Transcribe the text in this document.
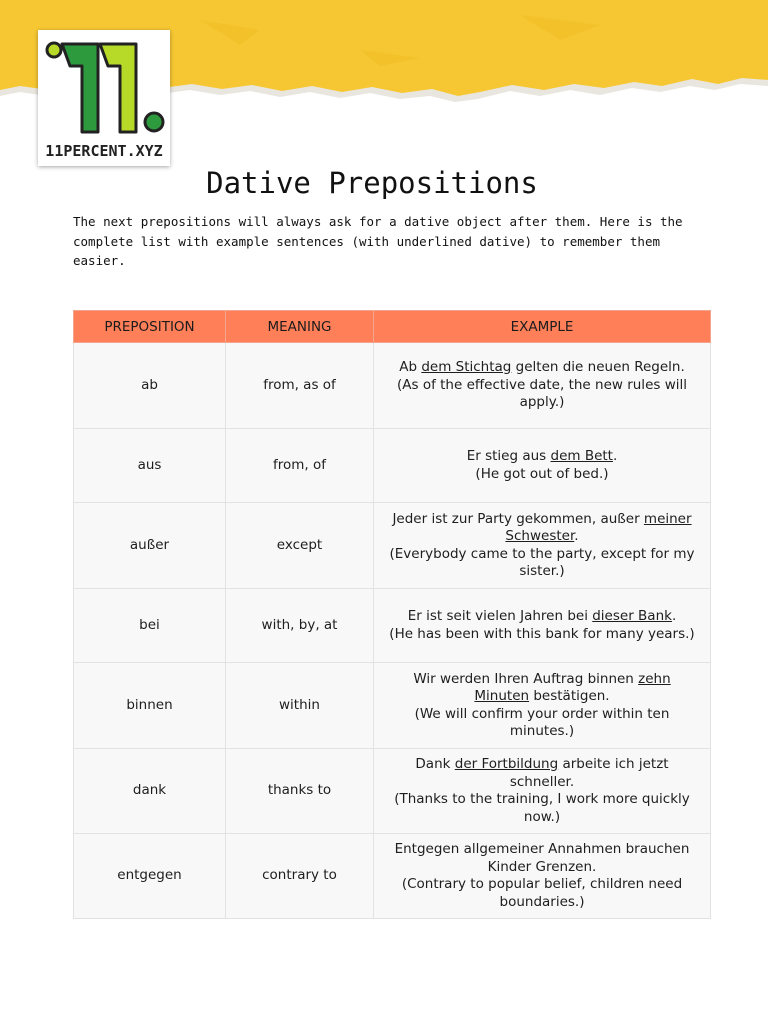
11PERCENT.XYZ
Dative Prepositions

The next prepositions will always ask for a dative object after them. Here is the complete list with example sentences (with underlined dative) to remember them easier.

PREPOSITION	MEANING	EXAMPLE
ab	from, as of	Ab dem Stichtag gelten die neuen Regeln.
(As of the effective date, the new rules will apply.)

aus	from, of	Er stieg aus dem Bett.
(He got out of bed.)

außer	except	Jeder ist zur Party gekommen, außer meiner Schwester.
(Everybody came to the party, except for my sister.)

bei	with, by, at	Er ist seit vielen Jahren bei dieser Bank.
(He has been with this bank for many years.)

binnen	within	Wir werden Ihren Auftrag binnen zehn Minuten bestätigen.
(We will confirm your order within ten minutes.)

dank	thanks to	Dank der Fortbildung arbeite ich jetzt schneller.
(Thanks to the training, I work more quickly now.)

entgegen	contrary to	Entgegen allgemeiner Annahmen brauchen Kinder Grenzen.
(Contrary to popular belief, children need boundaries.)
